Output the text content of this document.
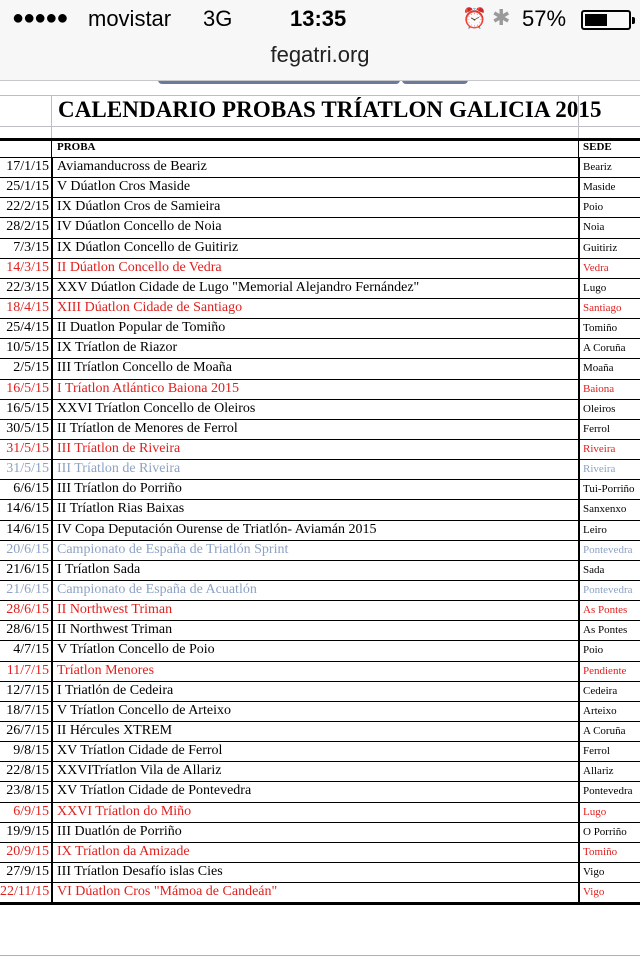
●●●●● movistar 3G	13:35	⏰ ✱ 57%
fegatri.org
CALENDARIO PROBAS TRÍATLON GALICIA 2015
PROBA	SEDE
17/1/15 Aviamanducross de Beariz	Beariz
25/1/15 V Dúatlon Cros Maside	Maside
22/2/15 IX Dúatlon Cros de Samieira	Poio
28/2/15 IV Dúatlon Concello de Noia	Noia
7/3/15 IX Dúatlon Concello de Guitiriz	Guitiriz
14/3/15 II Dúatlon Concello de Vedra	Vedra
22/3/15 XXV Dúatlon Cidade de Lugo "Memorial Alejandro Fernández"	Lugo
18/4/15 XIII Dúatlon Cidade de Santiago	Santiago
25/4/15 II Duatlon Popular de Tomiño	Tomiño
10/5/15 IX Tríatlon de Riazor	A Coruña
2/5/15 III Tríatlon Concello de Moaña	Moaña
16/5/15 I Tríatlon Atlántico Baiona 2015	Baiona
16/5/15 XXVI Tríatlon Concello de Oleiros	Oleiros
30/5/15 II Tríatlon de Menores de Ferrol	Ferrol
31/5/15 III Tríatlon de Riveira	Riveira
31/5/15 III Tríatlon de Riveira	Riveira
6/6/15 III Tríatlon do Porriño	Tui-Porriño
14/6/15 II Tríatlon Rias Baixas	Sanxenxo
14/6/15 IV Copa Deputación Ourense de Triatlón- Aviamán 2015	Leiro
20/6/15 Campionato de España de Triatlón Sprint	Pontevedra
21/6/15 I Tríatlon Sada	Sada
21/6/15 Campionato de España de Acuatlón	Pontevedra
28/6/15 II Northwest Triman	As Pontes
28/6/15 II Northwest Triman	As Pontes
4/7/15 V Tríatlon Concello de Poio	Poio
11/7/15 Tríatlon Menores	Pendiente
12/7/15 I Triatlón de Cedeira	Cedeira
18/7/15 V Tríatlon Concello de Arteixo	Arteixo
26/7/15 II Hércules XTREM	A Coruña
9/8/15 XV Tríatlon Cidade de Ferrol	Ferrol
22/8/15 XXVITríatlon Vila de Allariz	Allariz
23/8/15 XV Tríatlon Cidade de Pontevedra	Pontevedra
6/9/15 XXVI Tríatlon do Miño	Lugo
19/9/15 III Duatlón de Porriño	O Porriño
20/9/15 IX Tríatlon da Amizade	Tomiño
27/9/15 III Tríatlon Desafío islas Cies	Vigo
22/11/15 VI Dúatlon Cros "Mámoa de Candeán"	Vigo
